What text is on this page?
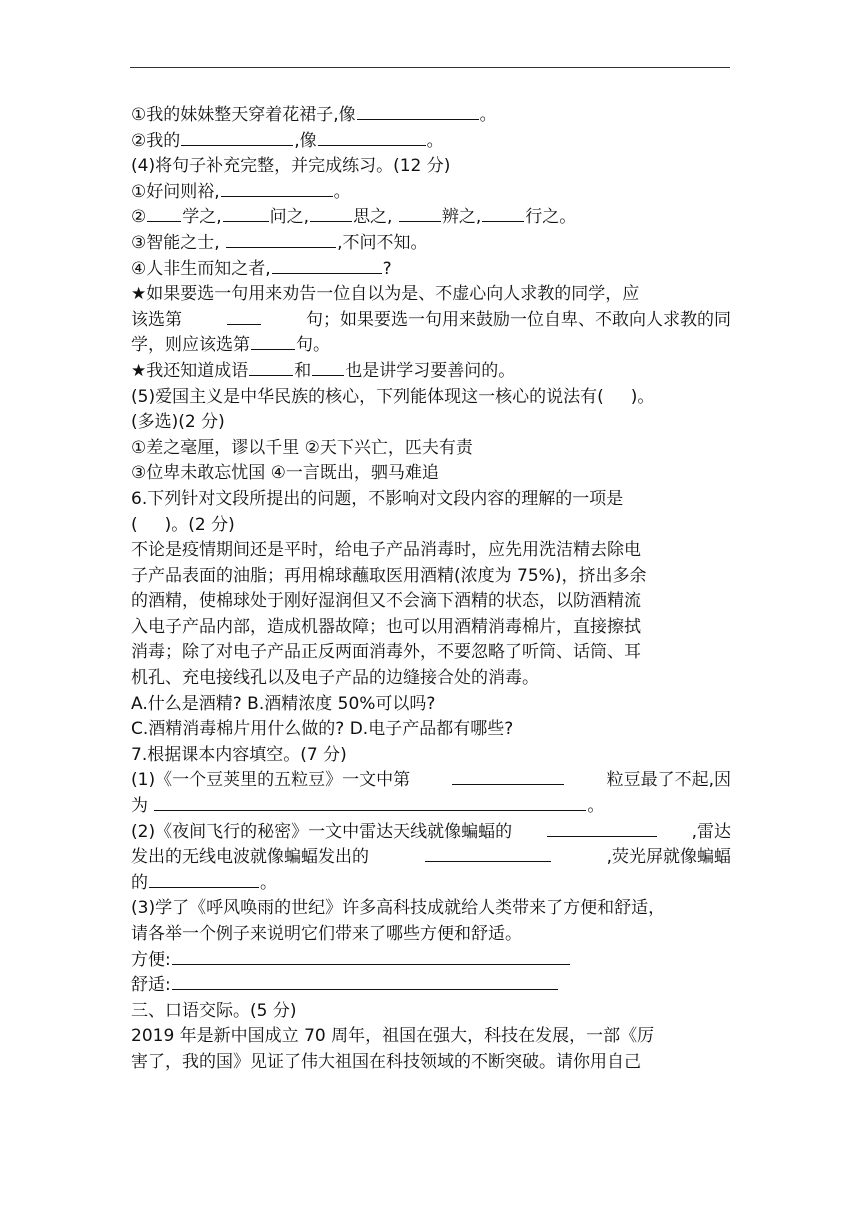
①我的妹妹整天穿着花裙子,像	。
②我的	,像	。
(4)将句子补充完整，并完成练习。(12 分)
①好问则裕,	。
② 学之,	问之,	思之,	辨之,	行之。
③智能之士,	,不问不知。
④人非生而知之者,	?
★如果要选一句用来劝告一位自以为是、不虚心向人求教的同学，应
该选第	句；如果要选一句用来鼓励一位自卑、不敢向人求教的同
学，则应该选第	句。
★我还知道成语	和 也是讲学习要善问的。
(5)爱国主义是中华民族的核心，下列能体现这一核心的说法有(     )。
(多选)(2 分)
①差之毫厘，谬以千里 ②天下兴亡，匹夫有责
③位卑未敢忘忧国 ④一言既出，驷马难追
6.下列针对文段所提出的问题，不影响对文段内容的理解的一项是
(     )。(2 分)
不论是疫情期间还是平时，给电子产品消毒时，应先用洗洁精去除电
子产品表面的油脂；再用棉球蘸取医用酒精(浓度为 75%)，挤出多余
的酒精，使棉球处于刚好湿润但又不会滴下酒精的状态，以防酒精流
入电子产品内部，造成机器故障；也可以用酒精消毒棉片，直接擦拭
消毒；除了对电子产品正反两面消毒外，不要忽略了听筒、话筒、耳
机孔、充电接线孔以及电子产品的边缝接合处的消毒。
A.什么是酒精? B.酒精浓度 50%可以吗?
C.酒精消毒棉片用什么做的? D.电子产品都有哪些?
7.根据课本内容填空。(7 分)
(1)《一个豆荚里的五粒豆》一文中第	粒豆最了不起,因
为	。
(2)《夜间飞行的秘密》一文中雷达天线就像蝙蝠的	,雷达
发出的无线电波就像蝙蝠发出的	,荧光屏就像蝙蝠
的	。
(3)学了《呼风唤雨的世纪》许多高科技成就给人类带来了方便和舒适，
请各举一个例子来说明它们带来了哪些方便和舒适。
方便:
舒适:
三、口语交际。(5 分)
2019 年是新中国成立 70 周年，祖国在强大，科技在发展，一部《厉
害了，我的国》见证了伟大祖国在科技领域的不断突破。请你用自己
